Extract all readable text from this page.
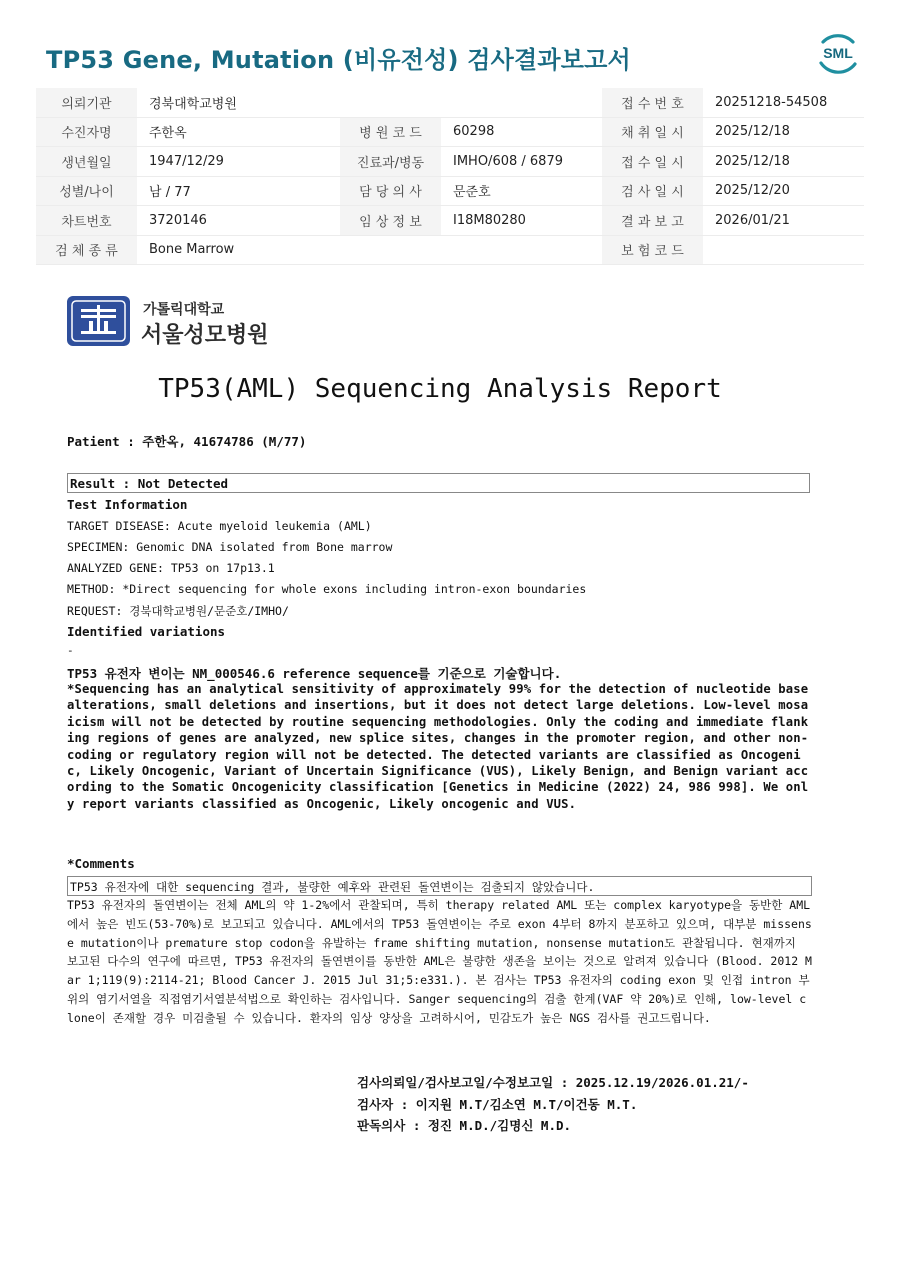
TP53 Gene, Mutation (비유전성) 검사결과보고서	SML
의뢰기관	경북대학교병원			접 수 번 호	20251218-54508
수진자명	주한옥	병 원 코 드	60298	채 취 일 시	2025/12/18
생년월일	1947/12/29	진료과/병동	IMHO/608 / 6879	접 수 일 시	2025/12/18
성별/나이	남 / 77	담 당 의 사	문준호	검 사 일 시	2025/12/20
차트번호	3720146	임 상 정 보	I18M80280	결 과 보 고	2026/01/21
검 체 종 류	Bone Marrow			보 험 코 드	
가톨릭대학교
서울성모병원
TP53(AML) Sequencing Analysis Report
Patient : 주한옥, 41674786 (M/77)
Result : Not Detected
Test Information
TARGET DISEASE: Acute myeloid leukemia (AML)
SPECIMEN: Genomic DNA isolated from Bone marrow
ANALYZED GENE: TP53 on 17p13.1
METHOD: *Direct sequencing for whole exons including intron-exon boundaries
REQUEST: 경북대학교병원/문준호/IMHO/
Identified variations
-
TP53 유전자 변이는 NM_000546.6 reference sequence를 기준으로 기술합니다.
*Sequencing has an analytical sensitivity of approximately 99% for the detection of nucleotide base alterations, small deletions and insertions, but it does not detect large deletions. Low-level mosaicism will not be detected by routine sequencing methodologies. Only the coding and immediate flanking regions of genes are analyzed, new splice sites, changes in the promoter region, and other non-coding or regulatory region will not be detected. The detected variants are classified as Oncogenic, Likely Oncogenic, Variant of Uncertain Significance (VUS), Likely Benign, and Benign variant according to the Somatic Oncogenicity classification [Genetics in Medicine (2022) 24, 986 998]. We only report variants classified as Oncogenic, Likely oncogenic and VUS.
*Comments
TP53 유전자에 대한 sequencing 결과, 불량한 예후와 관련된 돌연변이는 검출되지 않았습니다.
TP53 유전자의 돌연변이는 전체 AML의 약 1-2%에서 관찰되며, 특히 therapy related AML 또는 complex karyotype을 동반한 AML에서 높은 빈도(53-70%)로 보고되고 있습니다. AML에서의 TP53 돌연변이는 주로 exon 4부터 8까지 분포하고 있으며, 대부분 missense mutation이나 premature stop codon을 유발하는 frame shifting mutation, nonsense mutation도 관찰됩니다. 현재까지 보고된 다수의 연구에 따르면, TP53 유전자의 돌연변이를 동반한 AML은 불량한 생존을 보이는 것으로 알려져 있습니다 (Blood. 2012 Mar 1;119(9):2114-21; Blood Cancer J. 2015 Jul 31;5:e331.). 본 검사는 TP53 유전자의 coding exon 및 인접 intron 부위의 염기서열을 직접염기서열분석법으로 확인하는 검사입니다. Sanger sequencing의 검출 한계(VAF 약 20%)로 인해, low-level clone이 존재할 경우 미검출될 수 있습니다. 환자의 임상 양상을 고려하시어, 민감도가 높은 NGS 검사를 권고드립니다.
검사의뢰일/검사보고일/수정보고일 : 2025.12.19/2026.01.21/-
검사자 : 이지원 M.T/김소연 M.T/이건동 M.T.
판독의사 : 정진 M.D./김명신 M.D.
